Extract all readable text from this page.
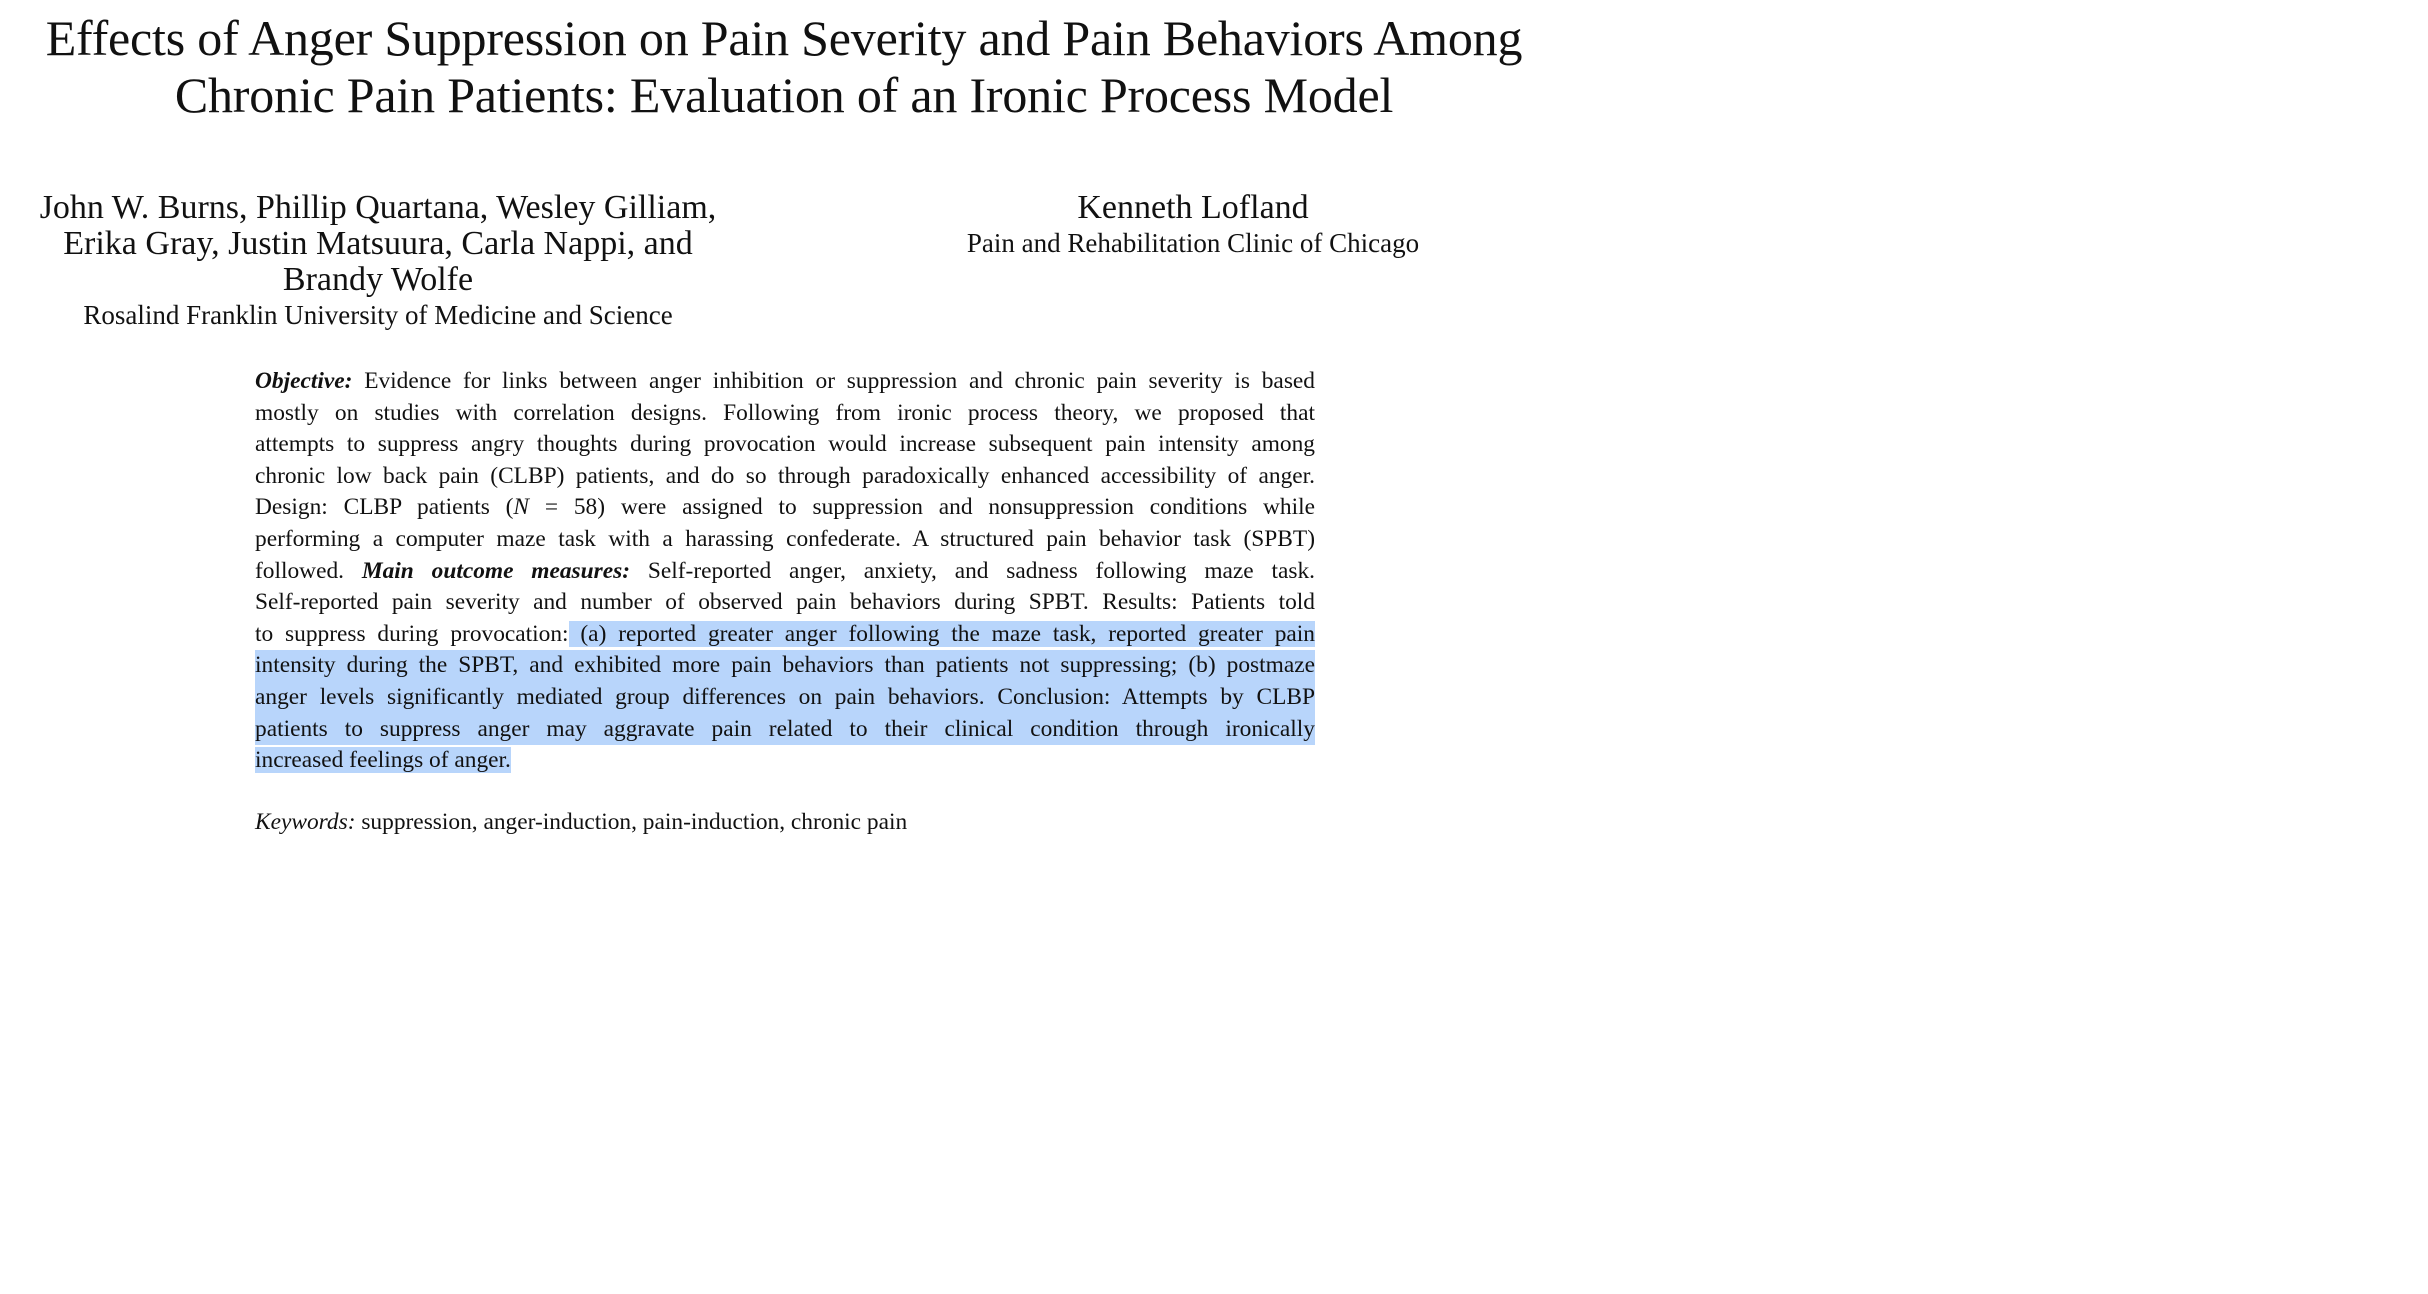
Effects of Anger Suppression on Pain Severity and Pain Behaviors Among
Chronic Pain Patients: Evaluation of an Ironic Process Model
John W. Burns, Phillip Quartana, Wesley Gilliam,
Erika Gray, Justin Matsuura, Carla Nappi, and
Brandy Wolfe
Rosalind Franklin University of Medicine and Science
Kenneth Lofland
Pain and Rehabilitation Clinic of Chicago
Objective: Evidence for links between anger inhibition or suppression and chronic pain severity is based
mostly on studies with correlation designs. Following from ironic process theory, we proposed that
attempts to suppress angry thoughts during provocation would increase subsequent pain intensity among
chronic low back pain (CLBP) patients, and do so through paradoxically enhanced accessibility of anger.
Design: CLBP patients (N = 58) were assigned to suppression and nonsuppression conditions while
performing a computer maze task with a harassing confederate. A structured pain behavior task (SPBT)
followed. Main outcome measures: Self-reported anger, anxiety, and sadness following maze task.
Self-reported pain severity and number of observed pain behaviors during SPBT. Results: Patients told
to suppress during provocation: (a) reported greater anger following the maze task, reported greater pain
intensity during the SPBT, and exhibited more pain behaviors than patients not suppressing; (b) postmaze
anger levels significantly mediated group differences on pain behaviors. Conclusion: Attempts by CLBP
patients to suppress anger may aggravate pain related to their clinical condition through ironically
increased feelings of anger.
Keywords: suppression, anger-induction, pain-induction, chronic pain
